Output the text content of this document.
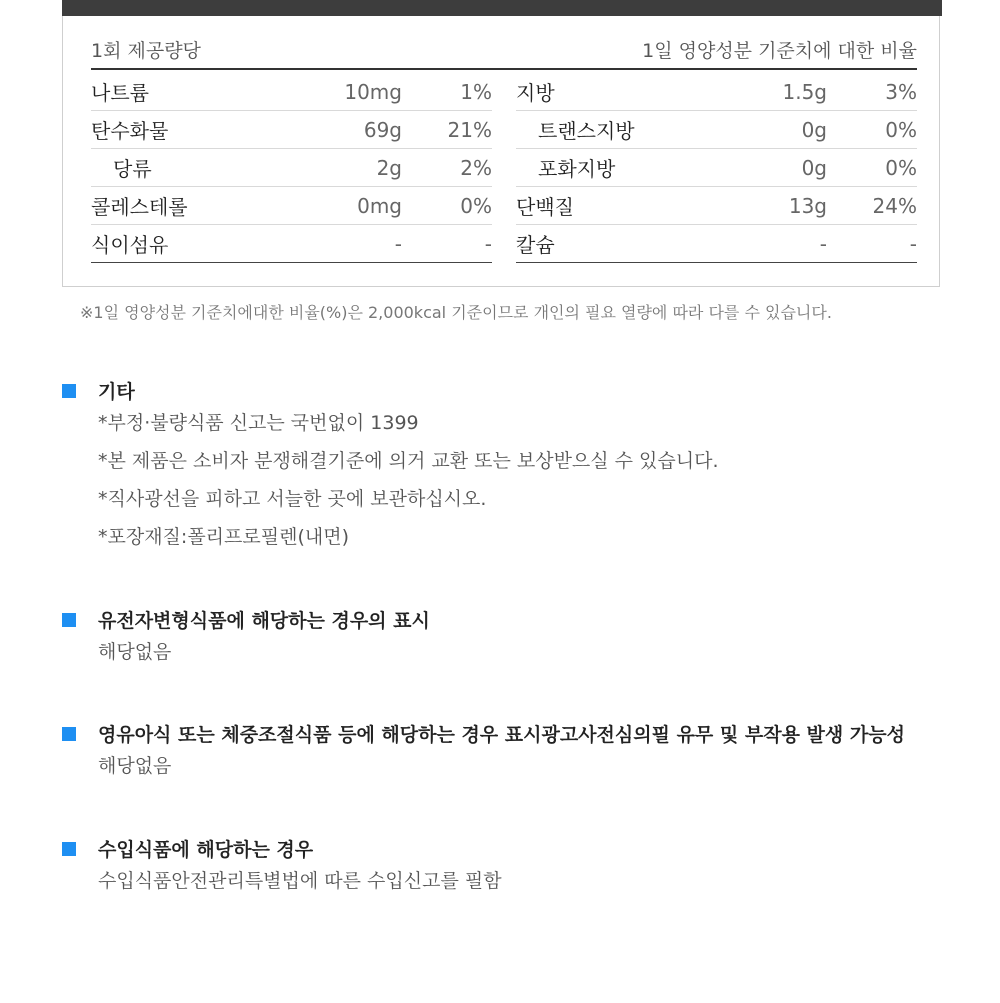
1회 제공량당	1일 영양성분 기준치에 대한 비율
나트륨	10mg	1%
탄수화물	69g	21%
당류	2g	2%
콜레스테롤	0mg	0%
식이섬유	-	-
지방	1.5g	3%
트랜스지방	0g	0%
포화지방	0g	0%
단백질	13g	24%
칼슘	-	-
※1일 영양성분 기준치에대한 비율(%)은 2,000kcal 기준이므로 개인의 필요 열량에 따라 다를 수 있습니다.
기타
*부정·불량식품 신고는 국번없이 1399
*본 제품은 소비자 분쟁해결기준에 의거 교환 또는 보상받으실 수 있습니다.
*직사광선을 피하고 서늘한 곳에 보관하십시오.
*포장재질:폴리프로필렌(내면)
유전자변형식품에 해당하는 경우의 표시
해당없음
영유아식 또는 체중조절식품 등에 해당하는 경우 표시광고사전심의필 유무 및 부작용 발생 가능성
해당없음
수입식품에 해당하는 경우
수입식품안전관리특별법에 따른 수입신고를 필함
